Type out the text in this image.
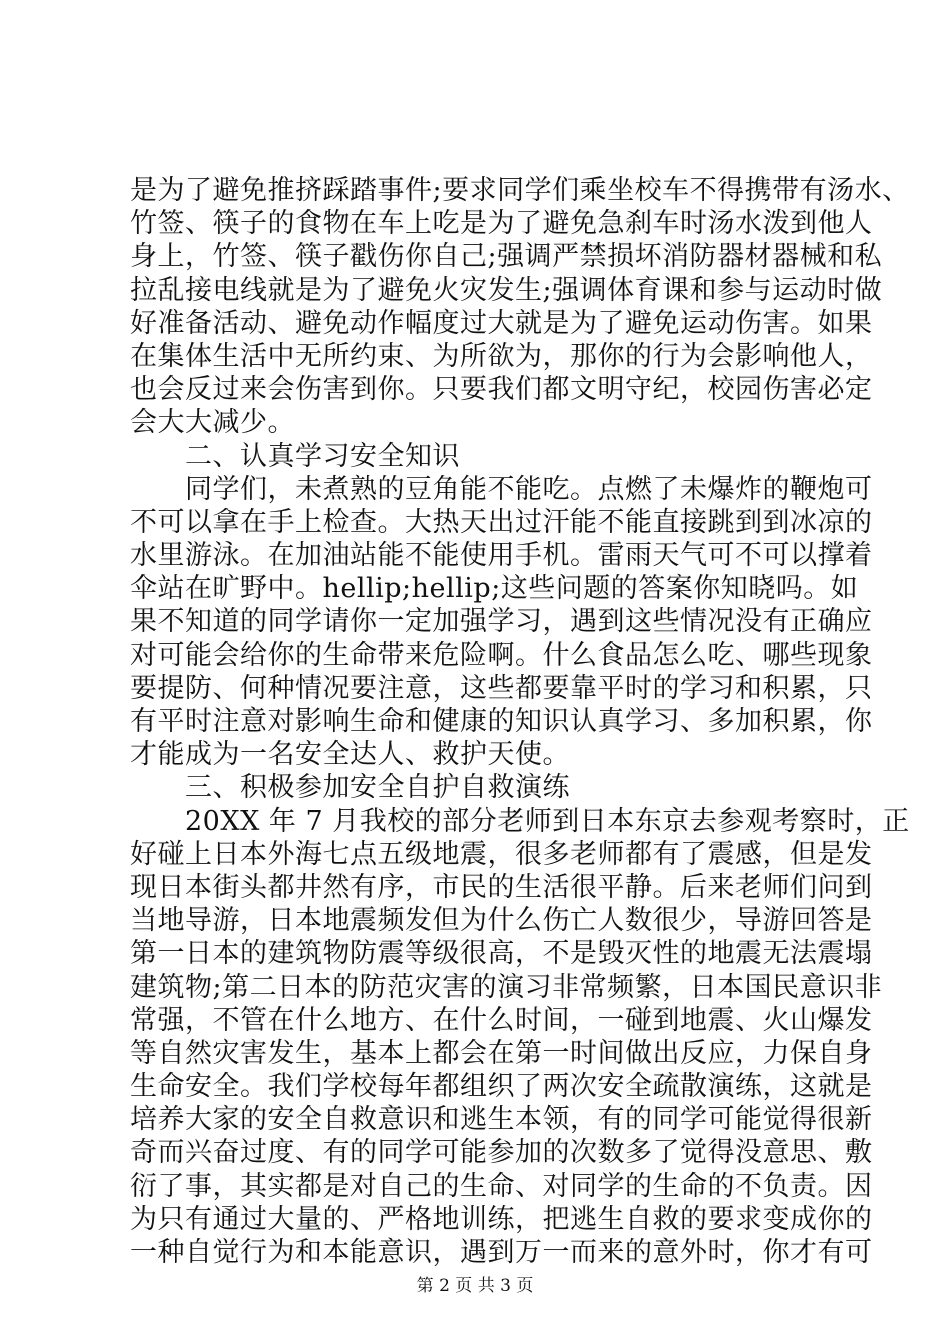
是为了避免推挤踩踏事件;要求同学们乘坐校车不得携带有汤水、
竹签、筷子的食物在车上吃是为了避免急刹车时汤水泼到他人
身上，竹签、筷子戳伤你自己;强调严禁损坏消防器材器械和私
拉乱接电线就是为了避免火灾发生;强调体育课和参与运动时做
好准备活动、避免动作幅度过大就是为了避免运动伤害。如果
在集体生活中无所约束、为所欲为，那你的行为会影响他人，
也会反过来会伤害到你。只要我们都文明守纪，校园伤害必定
会大大减少。
　　二、认真学习安全知识
　　同学们，未煮熟的豆角能不能吃。点燃了未爆炸的鞭炮可
不可以拿在手上检查。大热天出过汗能不能直接跳到到冰凉的
水里游泳。在加油站能不能使用手机。雷雨天气可不可以撑着
伞站在旷野中。hellip;hellip;这些问题的答案你知晓吗。如
果不知道的同学请你一定加强学习，遇到这些情况没有正确应
对可能会给你的生命带来危险啊。什么食品怎么吃、哪些现象
要提防、何种情况要注意，这些都要靠平时的学习和积累，只
有平时注意对影响生命和健康的知识认真学习、多加积累，你
才能成为一名安全达人、救护天使。
　　三、积极参加安全自护自救演练
　　20XX 年 7 月我校的部分老师到日本东京去参观考察时，正
好碰上日本外海七点五级地震，很多老师都有了震感，但是发
现日本街头都井然有序，市民的生活很平静。后来老师们问到
当地导游，日本地震频发但为什么伤亡人数很少，导游回答是
第一日本的建筑物防震等级很高，不是毁灭性的地震无法震塌
建筑物;第二日本的防范灾害的演习非常频繁，日本国民意识非
常强，不管在什么地方、在什么时间，一碰到地震、火山爆发
等自然灾害发生，基本上都会在第一时间做出反应，力保自身
生命安全。我们学校每年都组织了两次安全疏散演练，这就是
培养大家的安全自救意识和逃生本领，有的同学可能觉得很新
奇而兴奋过度、有的同学可能参加的次数多了觉得没意思、敷
衍了事，其实都是对自己的生命、对同学的生命的不负责。因
为只有通过大量的、严格地训练，把逃生自救的要求变成你的
第 2 页 共 3 页
一种自觉行为和本能意识，遇到万一而来的意外时，你才有可
